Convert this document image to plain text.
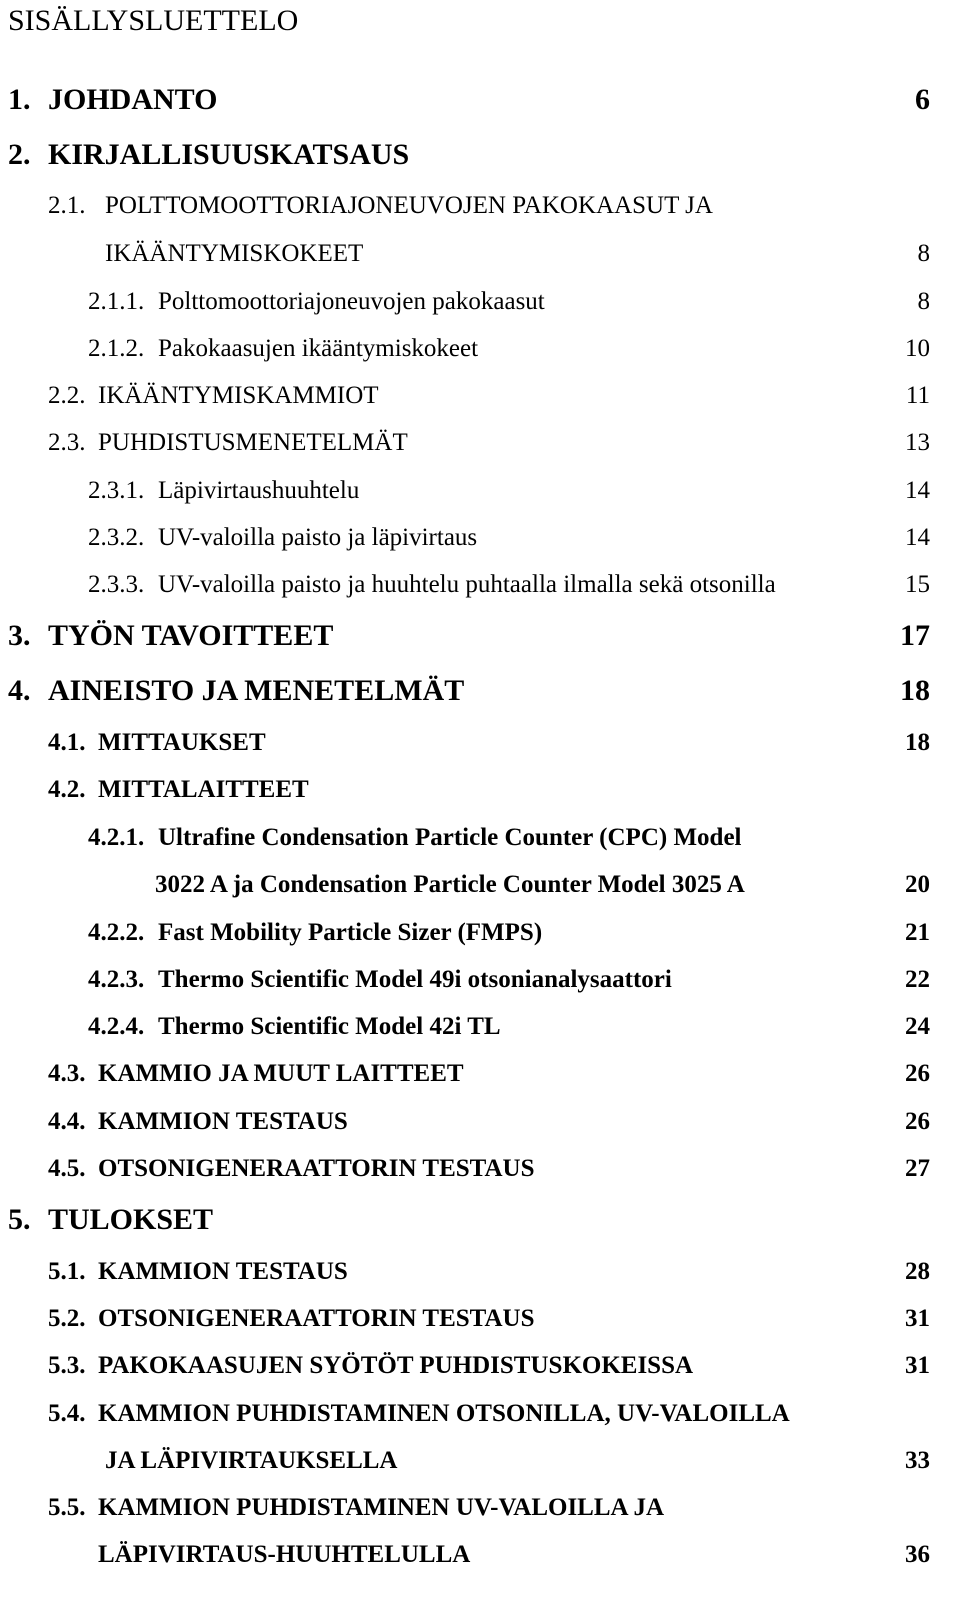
SISÄLLYSLUETTELO
1. JOHDANTO	6
2. KIRJALLISUUSKATSAUS
2.1. POLTTOMOOTTORIAJONEUVOJEN PAKOKAASUT JA
IKÄÄNTYMISKOKEET	8
2.1.1. Polttomoottoriajoneuvojen pakokaasut	8
2.1.2. Pakokaasujen ikääntymiskokeet	10
2.2. IKÄÄNTYMISKAMMIOT	11
2.3. PUHDISTUSMENETELMÄT	13
2.3.1. Läpivirtaushuuhtelu	14
2.3.2. UV-valoilla paisto ja läpivirtaus	14
2.3.3. UV-valoilla paisto ja huuhtelu puhtaalla ilmalla sekä otsonilla	15
3. TYÖN TAVOITTEET	17
4. AINEISTO JA MENETELMÄT	18
4.1. MITTAUKSET	18
4.2. MITTALAITTEET
4.2.1. Ultrafine Condensation Particle Counter (CPC) Model
3022 A ja Condensation Particle Counter Model 3025 A	20
4.2.2. Fast Mobility Particle Sizer (FMPS)	21
4.2.3. Thermo Scientific Model 49i otsonianalysaattori	22
4.2.4. Thermo Scientific Model 42i TL	24
4.3. KAMMIO JA MUUT LAITTEET	26
4.4. KAMMION TESTAUS	26
4.5. OTSONIGENERAATTORIN TESTAUS	27
5. TULOKSET
5.1. KAMMION TESTAUS	28
5.2. OTSONIGENERAATTORIN TESTAUS	31
5.3. PAKOKAASUJEN SYÖTÖT PUHDISTUSKOKEISSA	31
5.4. KAMMION PUHDISTAMINEN OTSONILLA, UV-VALOILLA
JA LÄPIVIRTAUKSELLA	33
5.5. KAMMION PUHDISTAMINEN UV-VALOILLA JA
LÄPIVIRTAUS-HUUHTELULLA	36
